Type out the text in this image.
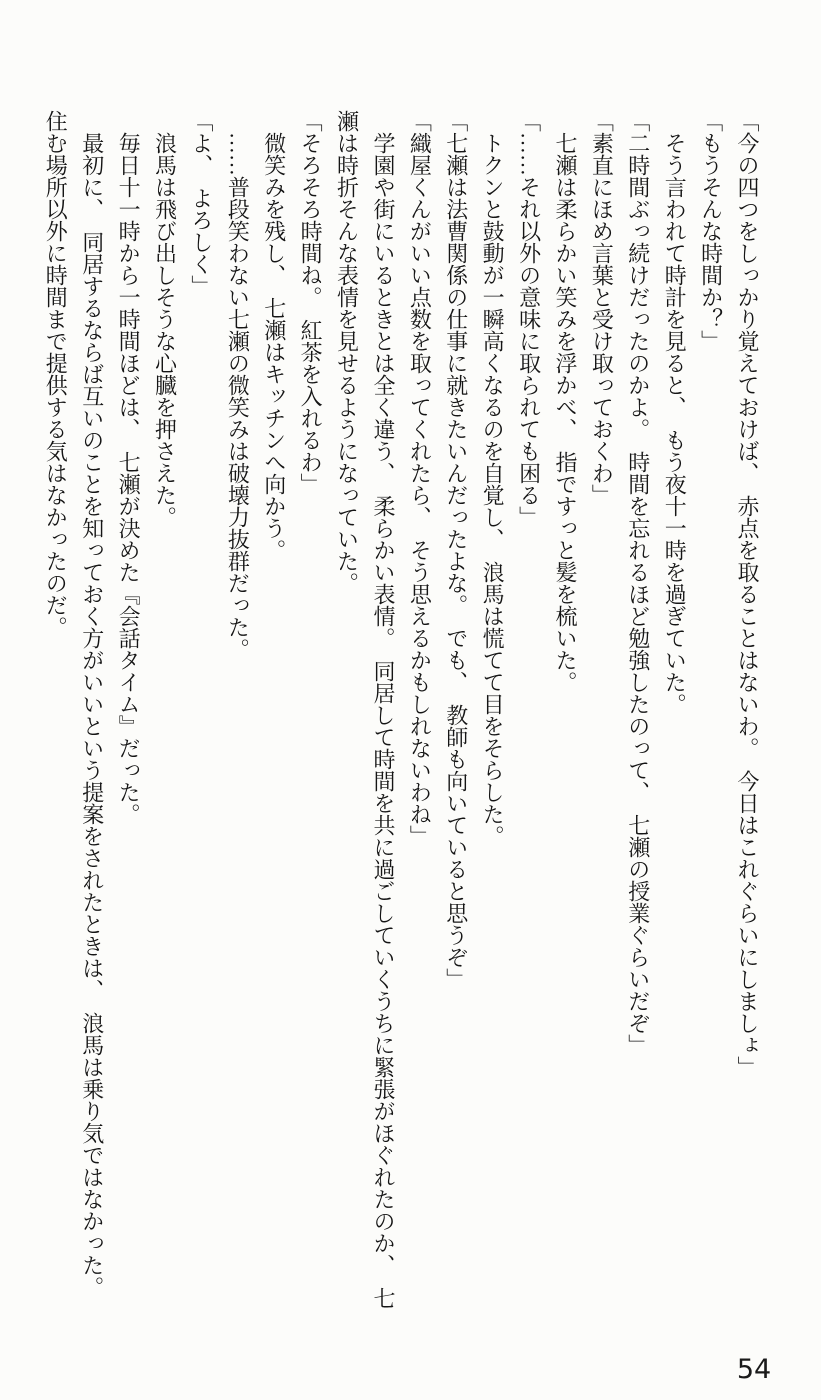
「今の四つをしっかり覚えておけば、　赤点を取ることはないわ。　今日はこれぐらいにしましょ」
「もうそんな時間か？」
　そう言われて時計を見ると、　もう夜十一時を過ぎていた。
「二時間ぶっ続けだったのかよ。　時間を忘れるほど勉強したのって、　七瀬の授業ぐらいだぞ」
「素直にほめ言葉と受け取っておくわ」
　七瀬は柔らかい笑みを浮かべ、　指ですっと髪を梳いた。
「……それ以外の意味に取られても困る」
　トクンと鼓動が一瞬高くなるのを自覚し、　浪馬は慌てて目をそらした。
「七瀬は法曹関係の仕事に就きたいんだったよな。　でも、　教師も向いていると思うぞ」
「織屋くんがいい点数を取ってくれたら、　そう思えるかもしれないわね」
　学園や街にいるときとは全く違う、　柔らかい表情。　同居して時間を共に過ごしていくうちに緊張がほぐれたのか、　七
瀬は時折そんな表情を見せるようになっていた。
「そろそろ時間ね。　紅茶を入れるわ」
　微笑みを残し、　七瀬はキッチンへ向かう。
　……普段笑わない七瀬の微笑みは破壊力抜群だった。
「よ、　よろしく」
　浪馬は飛び出しそうな心臓を押さえた。
　毎日十一時から一時間ほどは、　七瀬が決めた『会話タイム』だった。
　最初に、　同居するならば互いのことを知っておく方がいいという提案をされたときは、　浪馬は乗り気ではなかった。
住む場所以外に時間まで提供する気はなかったのだ。
54
